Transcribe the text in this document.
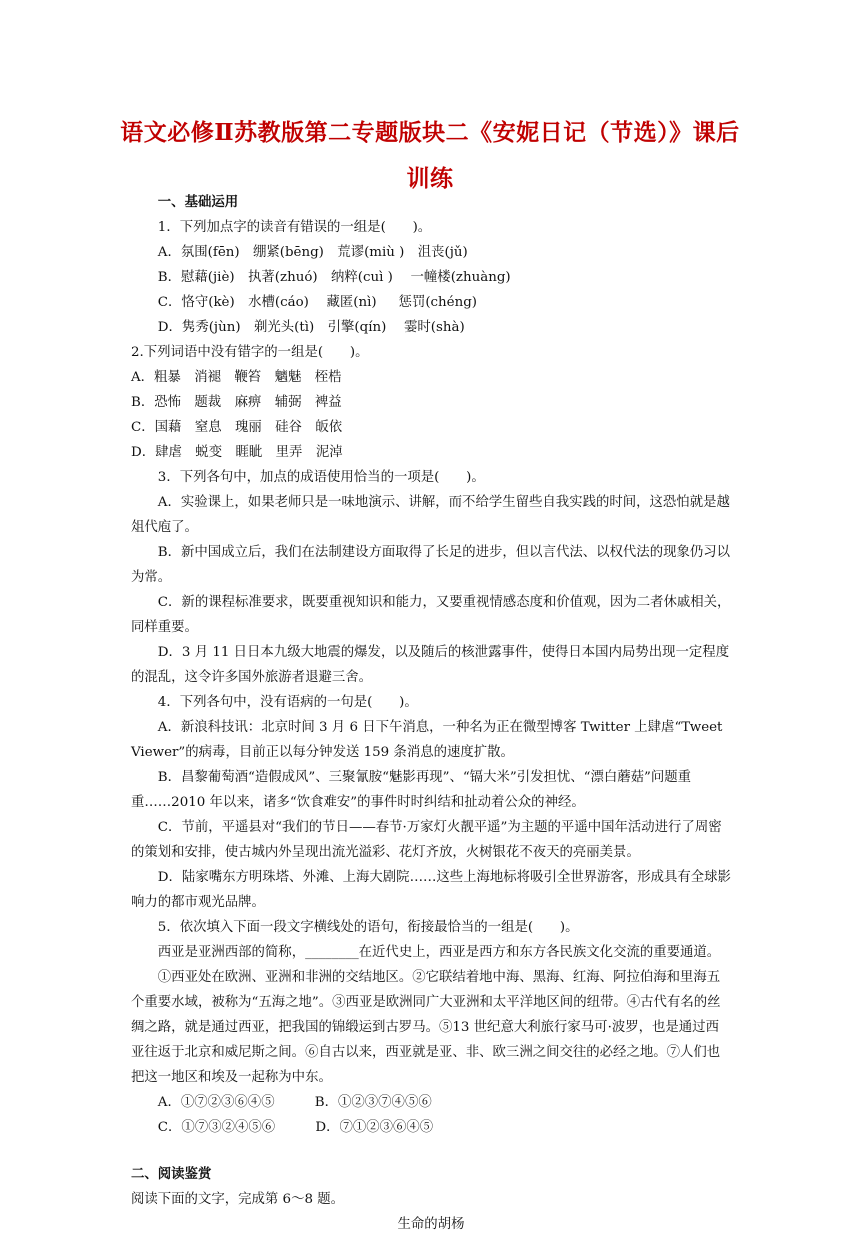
语文必修Ⅱ苏教版第二专题版块二《安妮日记（节选）》课后训练

一、基础运用

1．下列加点字的读音有错误的一组是(　　)。

A．氛围(fēn)　绷紧(bēng)　荒谬(miù )　沮丧(jǔ)

B．慰藉(jiè)　执著(zhuó)　纳粹(cuì )　 一幢楼(zhuàng)

C．恪守(kè)　水槽(cáo)　 藏匿(nì)　  惩罚(chéng)

D．隽秀(jùn)　剃光头(tì)　引擎(qín)　 霎时(shà)

2.下列词语中没有错字的一组是(　　)。

A．粗暴　消褪　鞭笞　魑魅　桎梏

B．恐怖　题裁　麻痹　辅弼　裨益

C．国藉　窒息　瑰丽　硅谷　皈依

D．肆虐　蜕变　睚眦　里弄　泥淖

3．下列各句中，加点的成语使用恰当的一项是(　　)。

A．实验课上，如果老师只是一味地演示、讲解，而不给学生留些自我实践的时间，这恐怕就是越俎代庖了。

B．新中国成立后，我们在法制建设方面取得了长足的进步，但以言代法、以权代法的现象仍习以为常。

C．新的课程标准要求，既要重视知识和能力，又要重视情感态度和价值观，因为二者休戚相关，同样重要。

D．3 月 11 日日本九级大地震的爆发，以及随后的核泄露事件，使得日本国内局势出现一定程度的混乱，这令许多国外旅游者退避三舍。

4．下列各句中，没有语病的一句是(　　)。

A．新浪科技讯：北京时间 3 月 6 日下午消息，一种名为正在微型博客 Twitter 上肆虐“Tweet Viewer”的病毒，目前正以每分钟发送 159 条消息的速度扩散。

B．昌黎葡萄酒“造假成风”、三聚氰胺“魅影再现”、“镉大米”引发担忧、“漂白蘑菇”问题重重……2010 年以来，诸多“饮食难安”的事件时时纠结和扯动着公众的神经。

C．节前，平遥县对“我们的节日——春节·万家灯火靓平遥”为主题的平遥中国年活动进行了周密的策划和安排，使古城内外呈现出流光溢彩、花灯齐放，火树银花不夜天的亮丽美景。

D．陆家嘴东方明珠塔、外滩、上海大剧院……这些上海地标将吸引全世界游客，形成具有全球影响力的都市观光品牌。

5．依次填入下面一段文字横线处的语句，衔接最恰当的一组是(　　)。

西亚是亚洲西部的简称，________在近代史上，西亚是西方和东方各民族文化交流的重要通道。

①西亚处在欧洲、亚洲和非洲的交结地区。②它联结着地中海、黑海、红海、阿拉伯海和里海五个重要水域，被称为“五海之地”。③西亚是欧洲同广大亚洲和太平洋地区间的纽带。④古代有名的丝绸之路，就是通过西亚，把我国的锦缎运到古罗马。⑤13 世纪意大利旅行家马可·波罗，也是通过西亚往返于北京和威尼斯之间。⑥自古以来，西亚就是亚、非、欧三洲之间交往的必经之地。⑦人们也把这一地区和埃及一起称为中东。

A．①⑦②③⑥④⑤　　　B．①②③⑦④⑤⑥

C．①⑦③②④⑤⑥　　　D．⑦①②③⑥④⑤

二、阅读鉴赏

阅读下面的文字，完成第 6～8 题。

生命的胡杨
